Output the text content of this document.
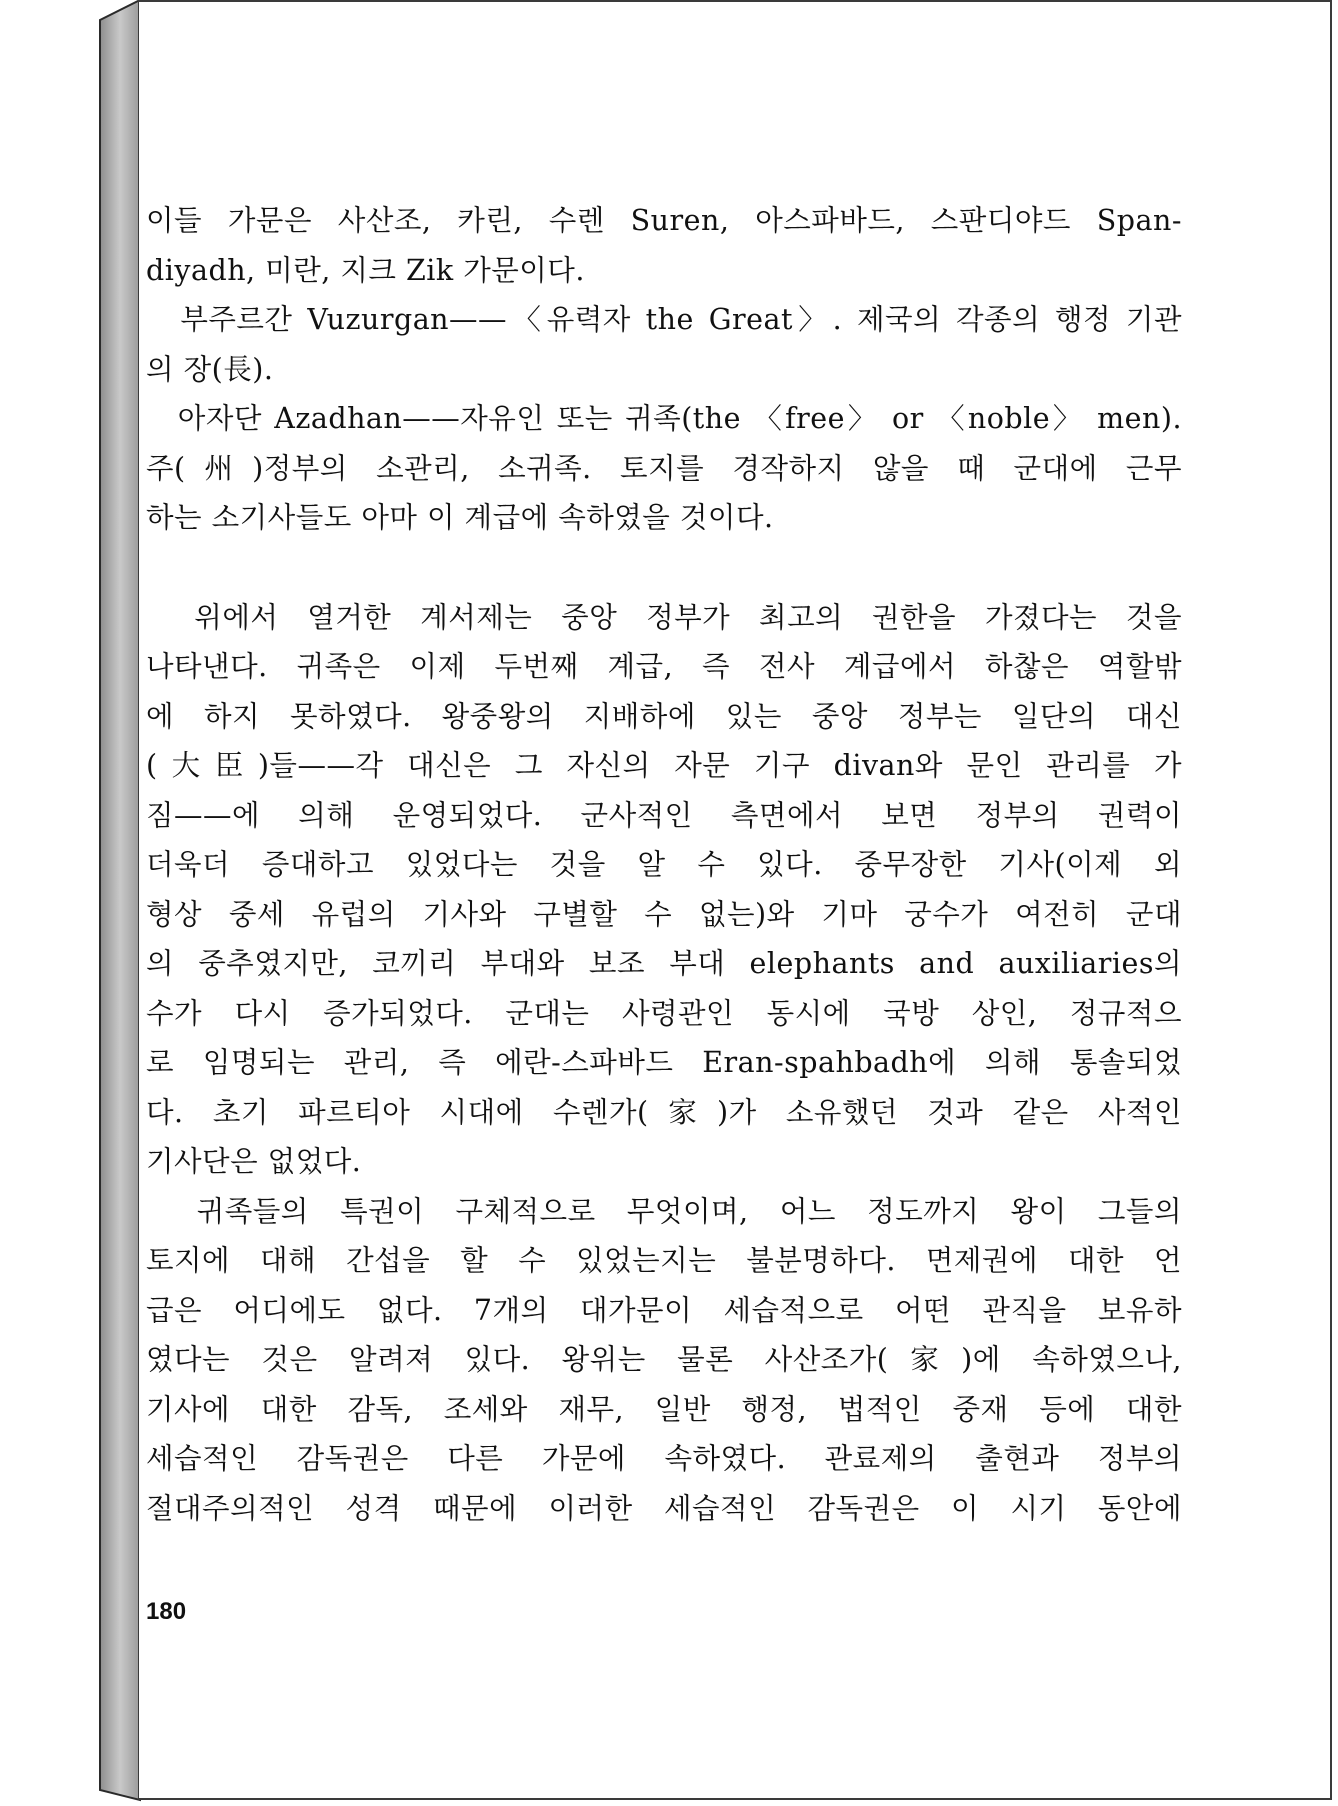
이들 가문은 사산조, 카린, 수렌 Suren, 아스파바드, 스판디야드 Span-
diyadh, 미란, 지크 Zik 가문이다.
　부주르간 Vuzurgan——〈유력자 the Great〉. 제국의 각종의 행정 기관
의 장(長).
　아자단 Azadhan——자유인 또는 귀족(the 〈free〉 or 〈noble〉 men).
주(州)정부의 소관리, 소귀족. 토지를 경작하지 않을 때 군대에 근무
하는 소기사들도 아마 이 계급에 속하였을 것이다.
　위에서 열거한 계서제는 중앙 정부가 최고의 권한을 가졌다는 것을
나타낸다. 귀족은 이제 두번째 계급, 즉 전사 계급에서 하찮은 역할밖
에 하지 못하였다. 왕중왕의 지배하에 있는 중앙 정부는 일단의 대신
(大臣)들——각 대신은 그 자신의 자문 기구 divan와 문인 관리를 가
짐——에 의해 운영되었다. 군사적인 측면에서 보면 정부의 권력이
더욱더 증대하고 있었다는 것을 알 수 있다. 중무장한 기사(이제 외
형상 중세 유럽의 기사와 구별할 수 없는)와 기마 궁수가 여전히 군대
의 중추였지만, 코끼리 부대와 보조 부대 elephants and auxiliaries의
수가 다시 증가되었다. 군대는 사령관인 동시에 국방 상인, 정규적으
로 임명되는 관리, 즉 에란-스파바드 Eran-spahbadh에 의해 통솔되었
다. 초기 파르티아 시대에 수렌가(家)가 소유했던 것과 같은 사적인
기사단은 없었다.
　귀족들의 특권이 구체적으로 무엇이며, 어느 정도까지 왕이 그들의
토지에 대해 간섭을 할 수 있었는지는 불분명하다. 면제권에 대한 언
급은 어디에도 없다. 7개의 대가문이 세습적으로 어떤 관직을 보유하
였다는 것은 알려져 있다. 왕위는 물론 사산조가(家)에 속하였으나,
기사에 대한 감독, 조세와 재무, 일반 행정, 법적인 중재 등에 대한
세습적인 감독권은 다른 가문에 속하였다. 관료제의 출현과 정부의
절대주의적인 성격 때문에 이러한 세습적인 감독권은 이 시기 동안에
180
